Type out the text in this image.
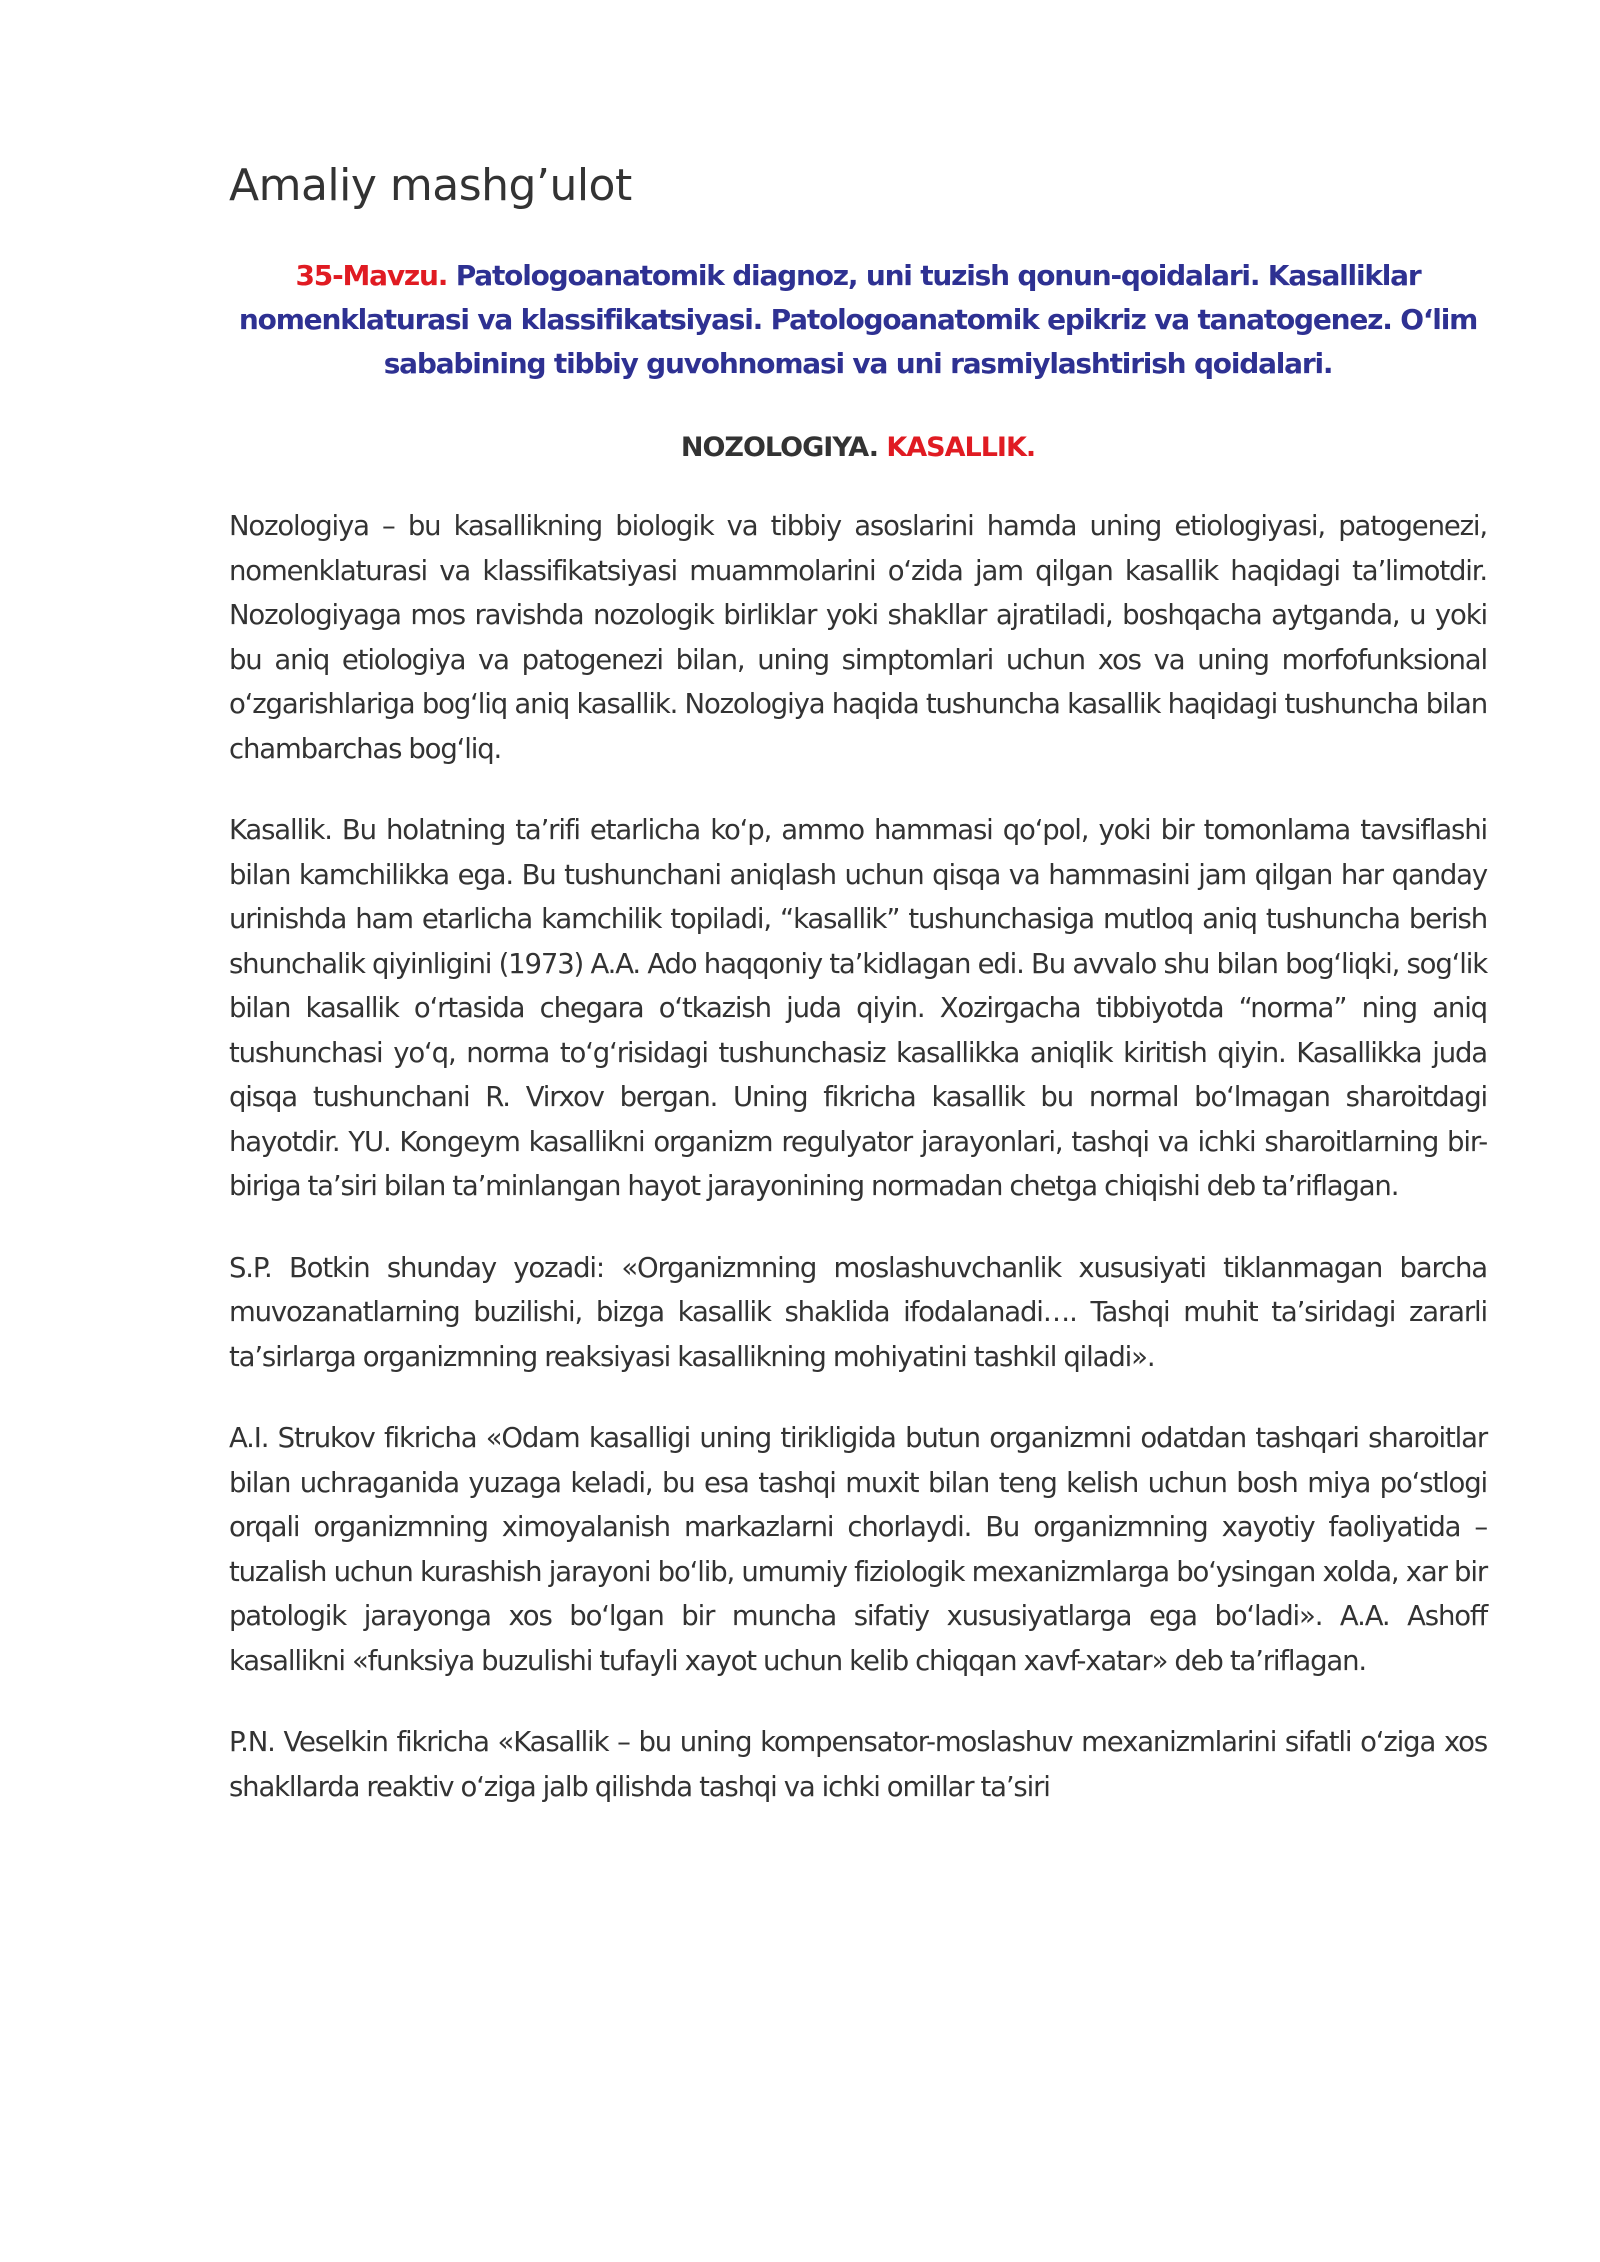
Amaliy mashg’ulot

35-Mavzu. Patologoanatomik diagnoz, uni tuzish qonun-qoidalari. Kasalliklar nomenklaturasi va klassifikatsiyasi. Patologoanatomik epikriz va tanatogenez. O‘lim sababining tibbiy guvohnomasi va uni rasmiylashtirish qoidalari.

NOZOLOGIYA. KASALLIK.

Nozologiya – bu kasallikning biologik va tibbiy asoslarini hamda uning etiologiyasi, patogenezi, nomenklaturasi va klassifikatsiyasi muammolarini o‘zida jam qilgan kasallik haqidagi ta’limotdir. Nozologiyaga mos ravishda nozologik birliklar yoki shakllar ajratiladi, boshqacha aytganda, u yoki bu aniq etiologiya va patogenezi bilan, uning simptomlari uchun xos va uning morfofunksional o‘zgarishlariga bog‘liq aniq kasallik. Nozologiya haqida tushuncha kasallik haqidagi tushuncha bilan chambarchas bog‘liq.

Kasallik. Bu holatning ta’rifi etarlicha ko‘p, ammo hammasi qo‘pol, yoki bir tomonlama tavsiflashi bilan kamchilikka ega. Bu tushunchani aniqlash uchun qisqa va hammasini jam qilgan har qanday urinishda ham etarlicha kamchilik topiladi, “kasallik” tushunchasiga mutloq aniq tushuncha berish shunchalik qiyinligini (1973) A.A. Ado haqqoniy ta’kidlagan edi. Bu avvalo shu bilan bog‘liqki, sog‘lik bilan kasallik o‘rtasida chegara o‘tkazish juda qiyin. Xozirgacha tibbiyotda “norma” ning aniq tushunchasi yo‘q, norma to‘g‘risidagi tushunchasiz kasallikka aniqlik kiritish qiyin. Kasallikka juda qisqa tushunchani R. Virxov bergan. Uning fikricha kasallik bu normal bo‘lmagan sharoitdagi hayotdir. YU. Kongeym kasallikni organizm regulyator jarayonlari, tashqi va ichki sharoitlarning bir-biriga ta’siri bilan ta’minlangan hayot jarayonining normadan chetga chiqishi deb ta’riflagan.

S.P. Botkin shunday yozadi: «Organizmning moslashuvchanlik xususiyati tiklanmagan barcha muvozanatlarning buzilishi, bizga kasallik shaklida ifodalanadi…. Tashqi muhit ta’siridagi zararli ta’sirlarga organizmning reaksiyasi kasallikning mohiyatini tashkil qiladi».

A.I. Strukov fikricha «Odam kasalligi uning tirikligida butun organizmni odatdan tashqari sharoitlar bilan uchraganida yuzaga keladi, bu esa tashqi muxit bilan teng kelish uchun bosh miya po‘stlogi orqali organizmning ximoyalanish markazlarni chorlaydi. Bu organizmning xayotiy faoliyatida – tuzalish uchun kurashish jarayoni bo‘lib, umumiy fiziologik mexanizmlarga bo‘ysingan xolda, xar bir patologik jarayonga xos bo‘lgan bir muncha sifatiy xususiyatlarga ega bo‘ladi». A.A. Ashoff kasallikni «funksiya buzulishi tufayli xayot uchun kelib chiqqan xavf-xatar» deb ta’riflagan.

P.N. Veselkin fikricha «Kasallik – bu uning kompensator-moslashuv mexanizmlarini sifatli o‘ziga xos shakllarda reaktiv o‘ziga jalb qilishda tashqi va ichki omillar ta’siri
